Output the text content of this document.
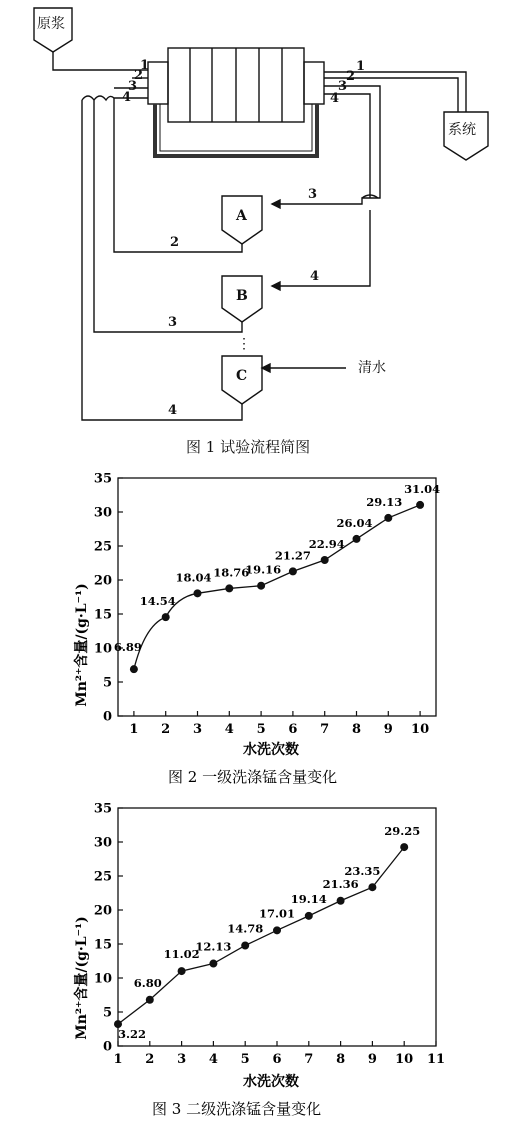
原浆
系统
A
B
C
⋮
清水
1
2
3
4
1
2
3
4
3
2
4
3
4
图 1 试验流程简图
0
5
10
15
20
25
30
35
1 2 3 4 5 6 7 8 9 10
6.89
14.54
18.04 18.76
19.16
21.27
22.94
26.04
29.13
31.04
水洗次数
Mn²⁺含量/(g·L⁻¹)
图 2 一级洗涤锰含量变化
0
5
10
15
20
25
30
35
1 2 3 4 5 6 7 8 9 10 11
3.22
6.80
11.02
12.13
14.78
17.01
19.14
21.36
23.35
29.25
水洗次数
Mn²⁺含量/(g·L⁻¹)
图 3 二级洗涤锰含量变化
